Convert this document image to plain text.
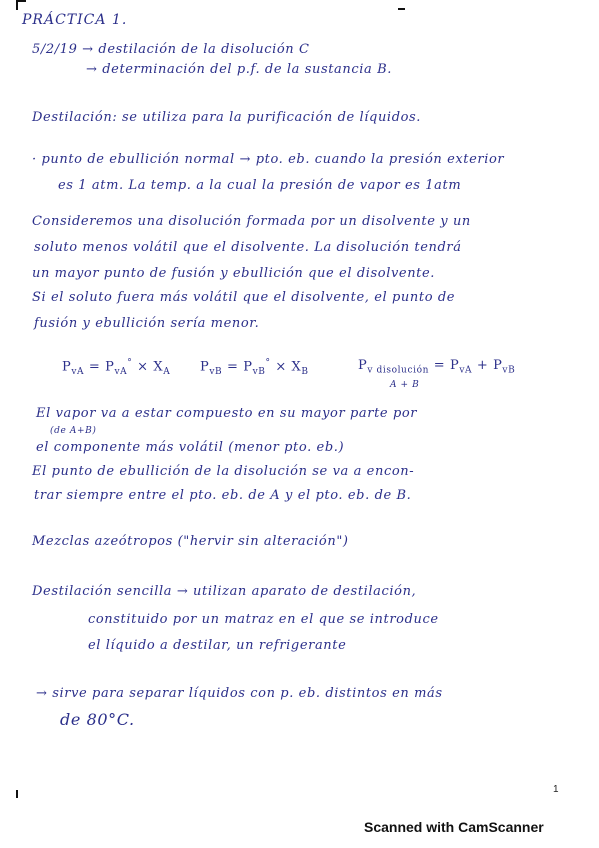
PRÁCTICA 1.
5/2/19 → destilación de la disolución C
→ determinación del p.f. de la sustancia B.
Destilación: se utiliza para la purificación de líquidos.
· punto de ebullición normal → pto. eb. cuando la presión exterior
es 1 atm. La temp. a la cual la presión de vapor es 1atm
Consideremos una disolución formada por un disolvente y un
soluto menos volátil que el disolvente. La disolución tendrá
un mayor punto de fusión y ebullición que el disolvente.
Si el soluto fuera más volátil que el disolvente, el punto de
fusión y ebullición sería menor.
$P_{vA} = P_{vA}^\circ \times X_A$ $P_{vB} = P_{vB}^\circ \times X_B$	$P_{v disolución} = P_{vA} + P_{vB}$
A + B
El vapor va a estar compuesto en su mayor parte por
(de A+B)
el componente más volátil (menor pto. eb.)
El punto de ebullición de la disolución se va a encon-
trar siempre entre el pto. eb. de A y el pto. eb. de B.
Mezclas azeótropos ("hervir sin alteración")
Destilación sencilla → utilizan aparato de destilación,
constituido por un matraz en el que se introduce
el líquido a destilar, un refrigerante
→ sirve para separar líquidos con p. eb. distintos en más
de 80°C.
1
Scanned with CamScanner
